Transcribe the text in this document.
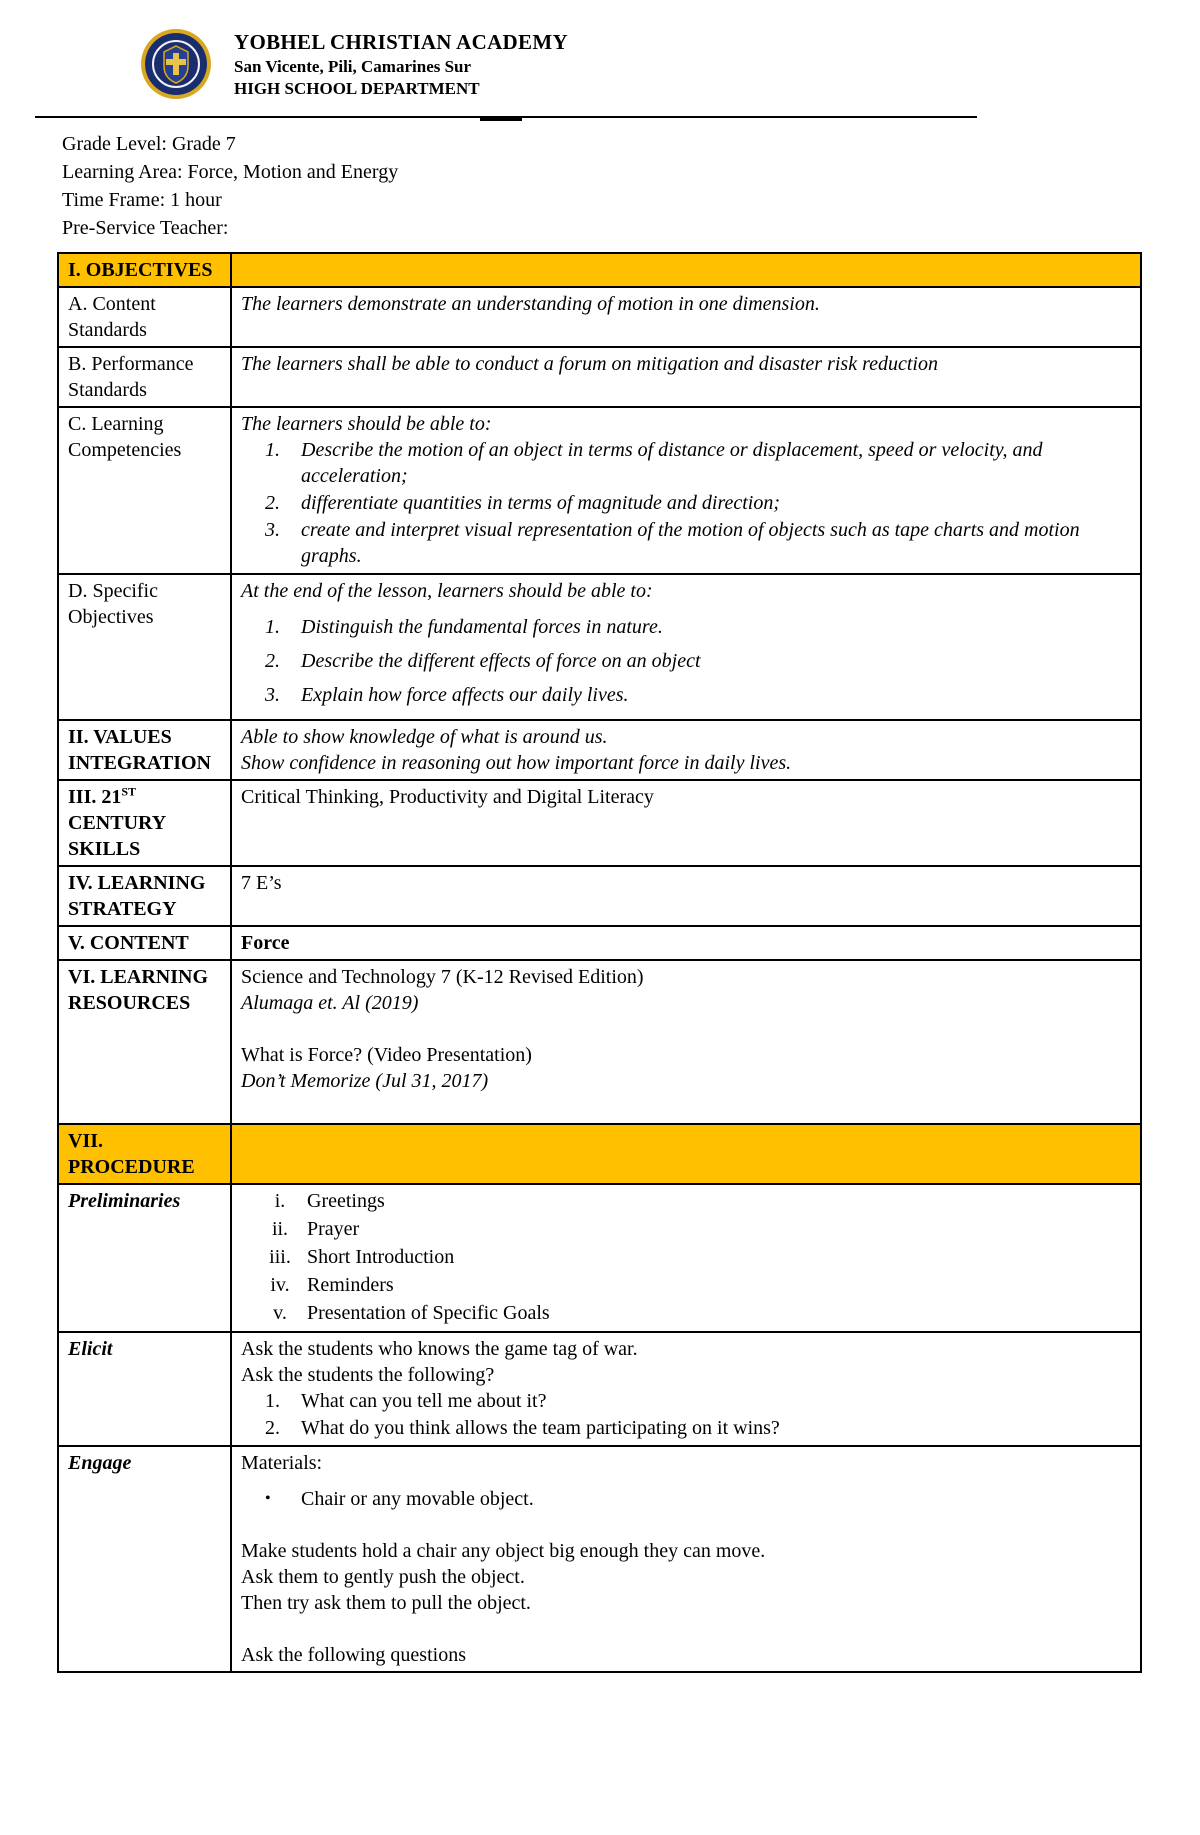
YOBHEL CHRISTIAN ACADEMY
San Vicente, Pili, Camarines Sur
HIGH SCHOOL DEPARTMENT
Grade Level: Grade 7
Learning Area: Force, Motion and Energy
Time Frame: 1 hour
Pre-Service Teacher:
I. OBJECTIVES	
A. Content Standards	The learners demonstrate an understanding of motion in one dimension.
B. Performance Standards	The learners shall be able to conduct a forum on mitigation and disaster risk reduction
C. Learning Competencies	
The learners should be able to:
1.	Describe the motion of an object in terms of distance or displacement, speed or velocity, and acceleration;
2.	differentiate quantities in terms of magnitude and direction;
3.	create and interpret visual representation of the motion of objects such as tape charts and motion graphs.

D. Specific Objectives	
At the end of the lesson, learners should be able to:
1.	Distinguish the fundamental forces in nature.
2.	Describe the different effects of force on an object
3.	Explain how force affects our daily lives.

II. VALUES INTEGRATION	Able to show knowledge of what is around us.
Show confidence in reasoning out how important force in daily lives.

III. 21ST CENTURY SKILLS	Critical Thinking, Productivity and Digital Literacy
IV. LEARNING STRATEGY	7 E’s
V. CONTENT	Force
VI. LEARNING RESOURCES	Science and Technology 7 (K-12 Revised Edition)
Alumaga et. Al (2019)
What is Force? (Video Presentation)
Don’t Memorize (Jul 31, 2017)

VII. PROCEDURE	
Preliminaries	i.	Greetings
ii. Prayer
iii. Short Introduction
iv. Reminders
v.	Presentation of Specific Goals

Elicit	Ask the students who knows the game tag of war.
Ask the students the following?
1.	What can you tell me about it?
2.	What do you think allows the team participating on it wins?

Engage	Materials:
•	Chair or any movable object.
Make students hold a chair any object big enough they can move.
Ask them to gently push the object.
Then try ask them to pull the object.
Ask the following questions
